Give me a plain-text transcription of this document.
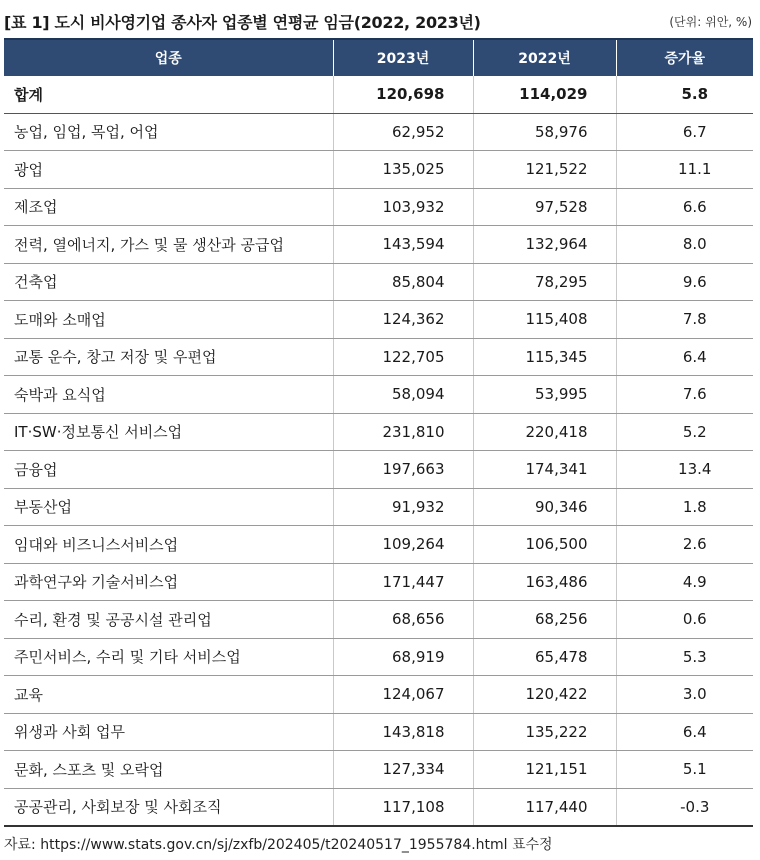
[표 1] 도시 비사영기업 종사자 업종별 연평균 임금(2022, 2023년)	(단위: 위안, %)
업종	2023년	2022년	증가율
합계	120,698	114,029	5.8
농업, 임업, 목업, 어업	62,952	58,976	6.7
광업	135,025	121,522	11.1
제조업	103,932	97,528	6.6
전력, 열에너지, 가스 및 물 생산과 공급업	143,594	132,964	8.0
건축업	85,804	78,295	9.6
도매와 소매업	124,362	115,408	7.8
교통 운수, 창고 저장 및 우편업	122,705	115,345	6.4
숙박과 요식업	58,094	53,995	7.6
IT·SW·정보통신 서비스업	231,810	220,418	5.2
금융업	197,663	174,341	13.4
부동산업	91,932	90,346	1.8
임대와 비즈니스서비스업	109,264	106,500	2.6
과학연구와 기술서비스업	171,447	163,486	4.9
수리, 환경 및 공공시설 관리업	68,656	68,256	0.6
주민서비스, 수리 및 기타 서비스업	68,919	65,478	5.3
교육	124,067	120,422	3.0
위생과 사회 업무	143,818	135,222	6.4
문화, 스포츠 및 오락업	127,334	121,151	5.1
공공관리, 사회보장 및 사회조직	117,108	117,440	-0.3
자료: https://www.stats.gov.cn/sj/zxfb/202405/t20240517_1955784.html 표수정
